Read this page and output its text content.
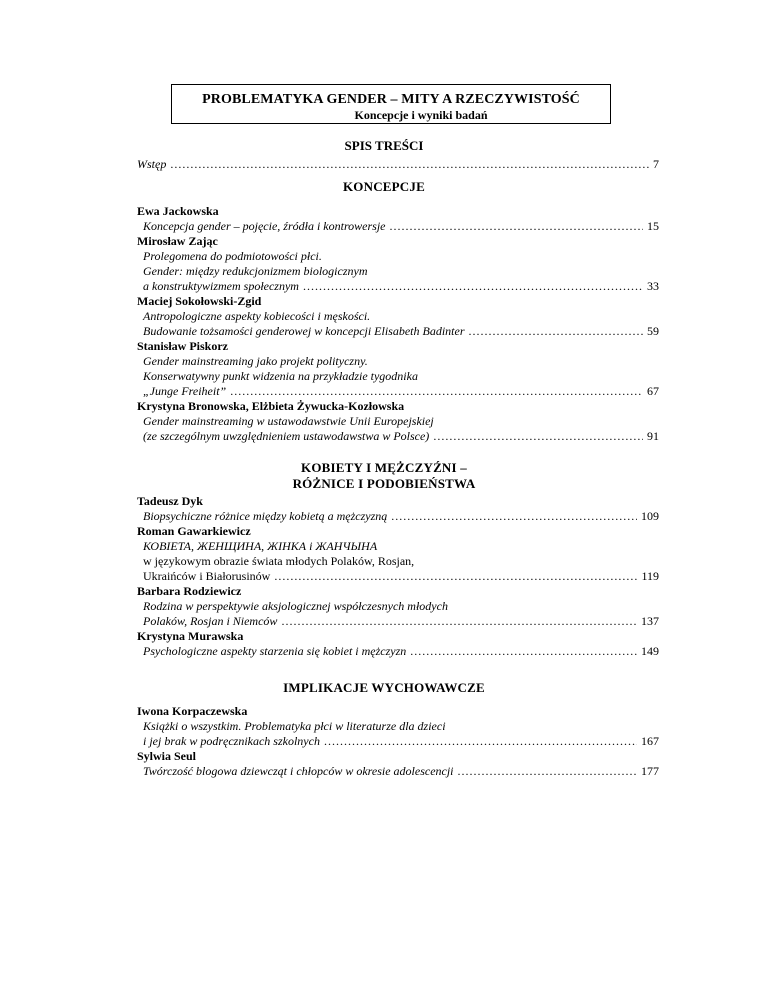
PROBLEMATYKA GENDER – MITY A RZECZYWISTOŚĆ
Koncepcje i wyniki badań
SPIS TREŚCI
Wstęp .....	7
KONCEPCJE
Ewa Jackowska
Koncepcja gender – pojęcie, źródła i kontrowersje .....	15
Mirosław Zając
Prolegomena do podmiotowości płci.
Gender: między redukcjonizmem biologicznym
a konstruktywizmem społecznym .....	33
Maciej Sokołowski-Zgid
Antropologiczne aspekty kobiecości i męskości.
Budowanie tożsamości genderowej w koncepcji Elisabeth Badinter .....	59
Stanisław Piskorz
Gender mainstreaming jako projekt polityczny.
Konserwatywny punkt widzenia na przykładzie tygodnika
„Junge Freiheit” .....	67
Krystyna Bronowska, Elżbieta Żywucka-Kozłowska
Gender mainstreaming w ustawodawstwie Unii Europejskiej
(ze szczególnym uwzględnieniem ustawodawstwa w Polsce) .....	91
KOBIETY I MĘŻCZYŹNI –
RÓŻNICE I PODOBIEŃSTWA
Tadeusz Dyk
Biopsychiczne różnice między kobietą a mężczyzną .....	109
Roman Gawarkiewicz
КОВІЕТА, ЖЕНЩИНА, ЖІНКА i ЖАНЧЫНА
w językowym obrazie świata młodych Polaków, Rosjan,
Ukraińców i Białorusinów .....	119
Barbara Rodziewicz
Rodzina w perspektywie aksjologicznej współczesnych młodych
Polaków, Rosjan i Niemców .....	137
Krystyna Murawska
Psychologiczne aspekty starzenia się kobiet i mężczyzn .....	149
IMPLIKACJE WYCHOWAWCZE
Iwona Korpaczewska
Książki o wszystkim. Problematyka płci w literaturze dla dzieci
i jej brak w podręcznikach szkolnych .....	167
Sylwia Seul
Twórczość blogowa dziewcząt i chłopców w okresie adolescencji .....	177
